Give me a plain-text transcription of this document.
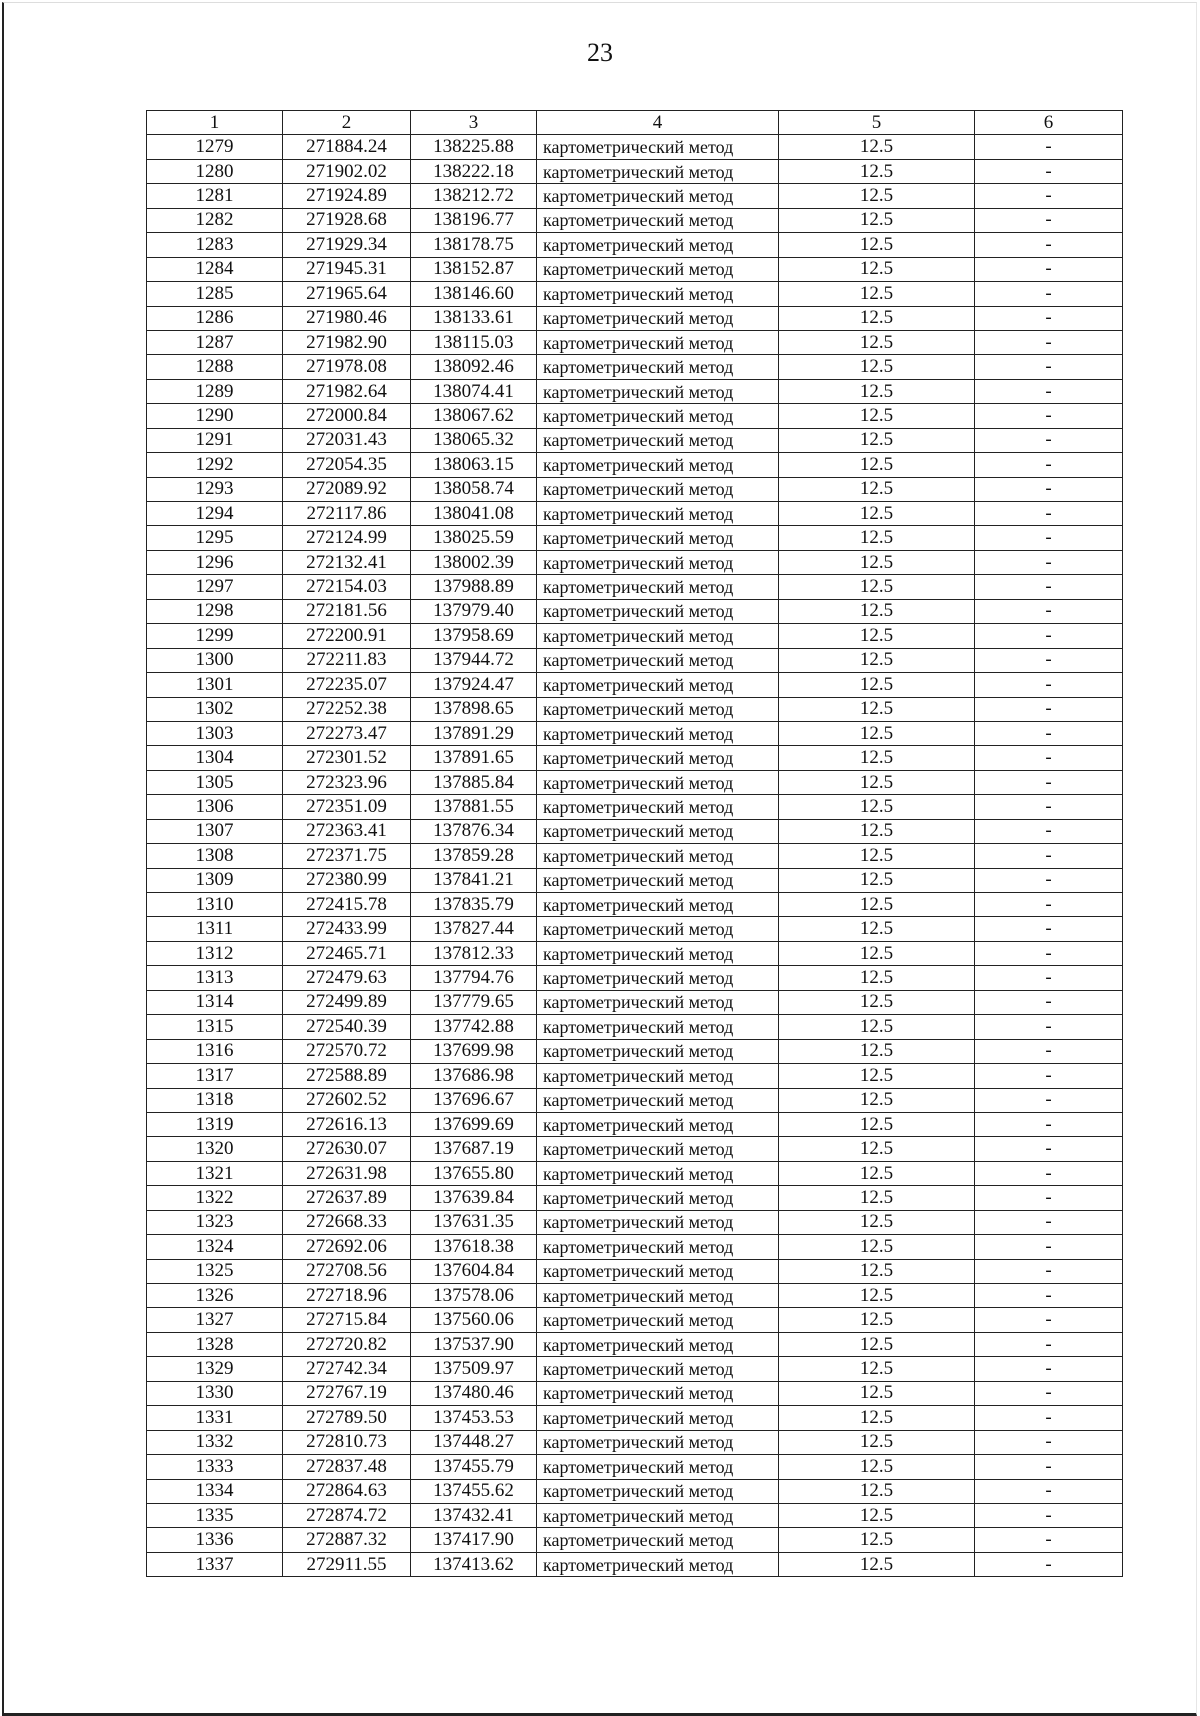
23
1	2	3	4	5	6
1279	271884.24	138225.88	картометрический метод	12.5	-
1280	271902.02	138222.18	картометрический метод	12.5	-
1281	271924.89	138212.72	картометрический метод	12.5	-
1282	271928.68	138196.77	картометрический метод	12.5	-
1283	271929.34	138178.75	картометрический метод	12.5	-
1284	271945.31	138152.87	картометрический метод	12.5	-
1285	271965.64	138146.60	картометрический метод	12.5	-
1286	271980.46	138133.61	картометрический метод	12.5	-
1287	271982.90	138115.03	картометрический метод	12.5	-
1288	271978.08	138092.46	картометрический метод	12.5	-
1289	271982.64	138074.41	картометрический метод	12.5	-
1290	272000.84	138067.62	картометрический метод	12.5	-
1291	272031.43	138065.32	картометрический метод	12.5	-
1292	272054.35	138063.15	картометрический метод	12.5	-
1293	272089.92	138058.74	картометрический метод	12.5	-
1294	272117.86	138041.08	картометрический метод	12.5	-
1295	272124.99	138025.59	картометрический метод	12.5	-
1296	272132.41	138002.39	картометрический метод	12.5	-
1297	272154.03	137988.89	картометрический метод	12.5	-
1298	272181.56	137979.40	картометрический метод	12.5	-
1299	272200.91	137958.69	картометрический метод	12.5	-
1300	272211.83	137944.72	картометрический метод	12.5	-
1301	272235.07	137924.47	картометрический метод	12.5	-
1302	272252.38	137898.65	картометрический метод	12.5	-
1303	272273.47	137891.29	картометрический метод	12.5	-
1304	272301.52	137891.65	картометрический метод	12.5	-
1305	272323.96	137885.84	картометрический метод	12.5	-
1306	272351.09	137881.55	картометрический метод	12.5	-
1307	272363.41	137876.34	картометрический метод	12.5	-
1308	272371.75	137859.28	картометрический метод	12.5	-
1309	272380.99	137841.21	картометрический метод	12.5	-
1310	272415.78	137835.79	картометрический метод	12.5	-
1311	272433.99	137827.44	картометрический метод	12.5	-
1312	272465.71	137812.33	картометрический метод	12.5	-
1313	272479.63	137794.76	картометрический метод	12.5	-
1314	272499.89	137779.65	картометрический метод	12.5	-
1315	272540.39	137742.88	картометрический метод	12.5	-
1316	272570.72	137699.98	картометрический метод	12.5	-
1317	272588.89	137686.98	картометрический метод	12.5	-
1318	272602.52	137696.67	картометрический метод	12.5	-
1319	272616.13	137699.69	картометрический метод	12.5	-
1320	272630.07	137687.19	картометрический метод	12.5	-
1321	272631.98	137655.80	картометрический метод	12.5	-
1322	272637.89	137639.84	картометрический метод	12.5	-
1323	272668.33	137631.35	картометрический метод	12.5	-
1324	272692.06	137618.38	картометрический метод	12.5	-
1325	272708.56	137604.84	картометрический метод	12.5	-
1326	272718.96	137578.06	картометрический метод	12.5	-
1327	272715.84	137560.06	картометрический метод	12.5	-
1328	272720.82	137537.90	картометрический метод	12.5	-
1329	272742.34	137509.97	картометрический метод	12.5	-
1330	272767.19	137480.46	картометрический метод	12.5	-
1331	272789.50	137453.53	картометрический метод	12.5	-
1332	272810.73	137448.27	картометрический метод	12.5	-
1333	272837.48	137455.79	картометрический метод	12.5	-
1334	272864.63	137455.62	картометрический метод	12.5	-
1335	272874.72	137432.41	картометрический метод	12.5	-
1336	272887.32	137417.90	картометрический метод	12.5	-
1337	272911.55	137413.62	картометрический метод	12.5	-
